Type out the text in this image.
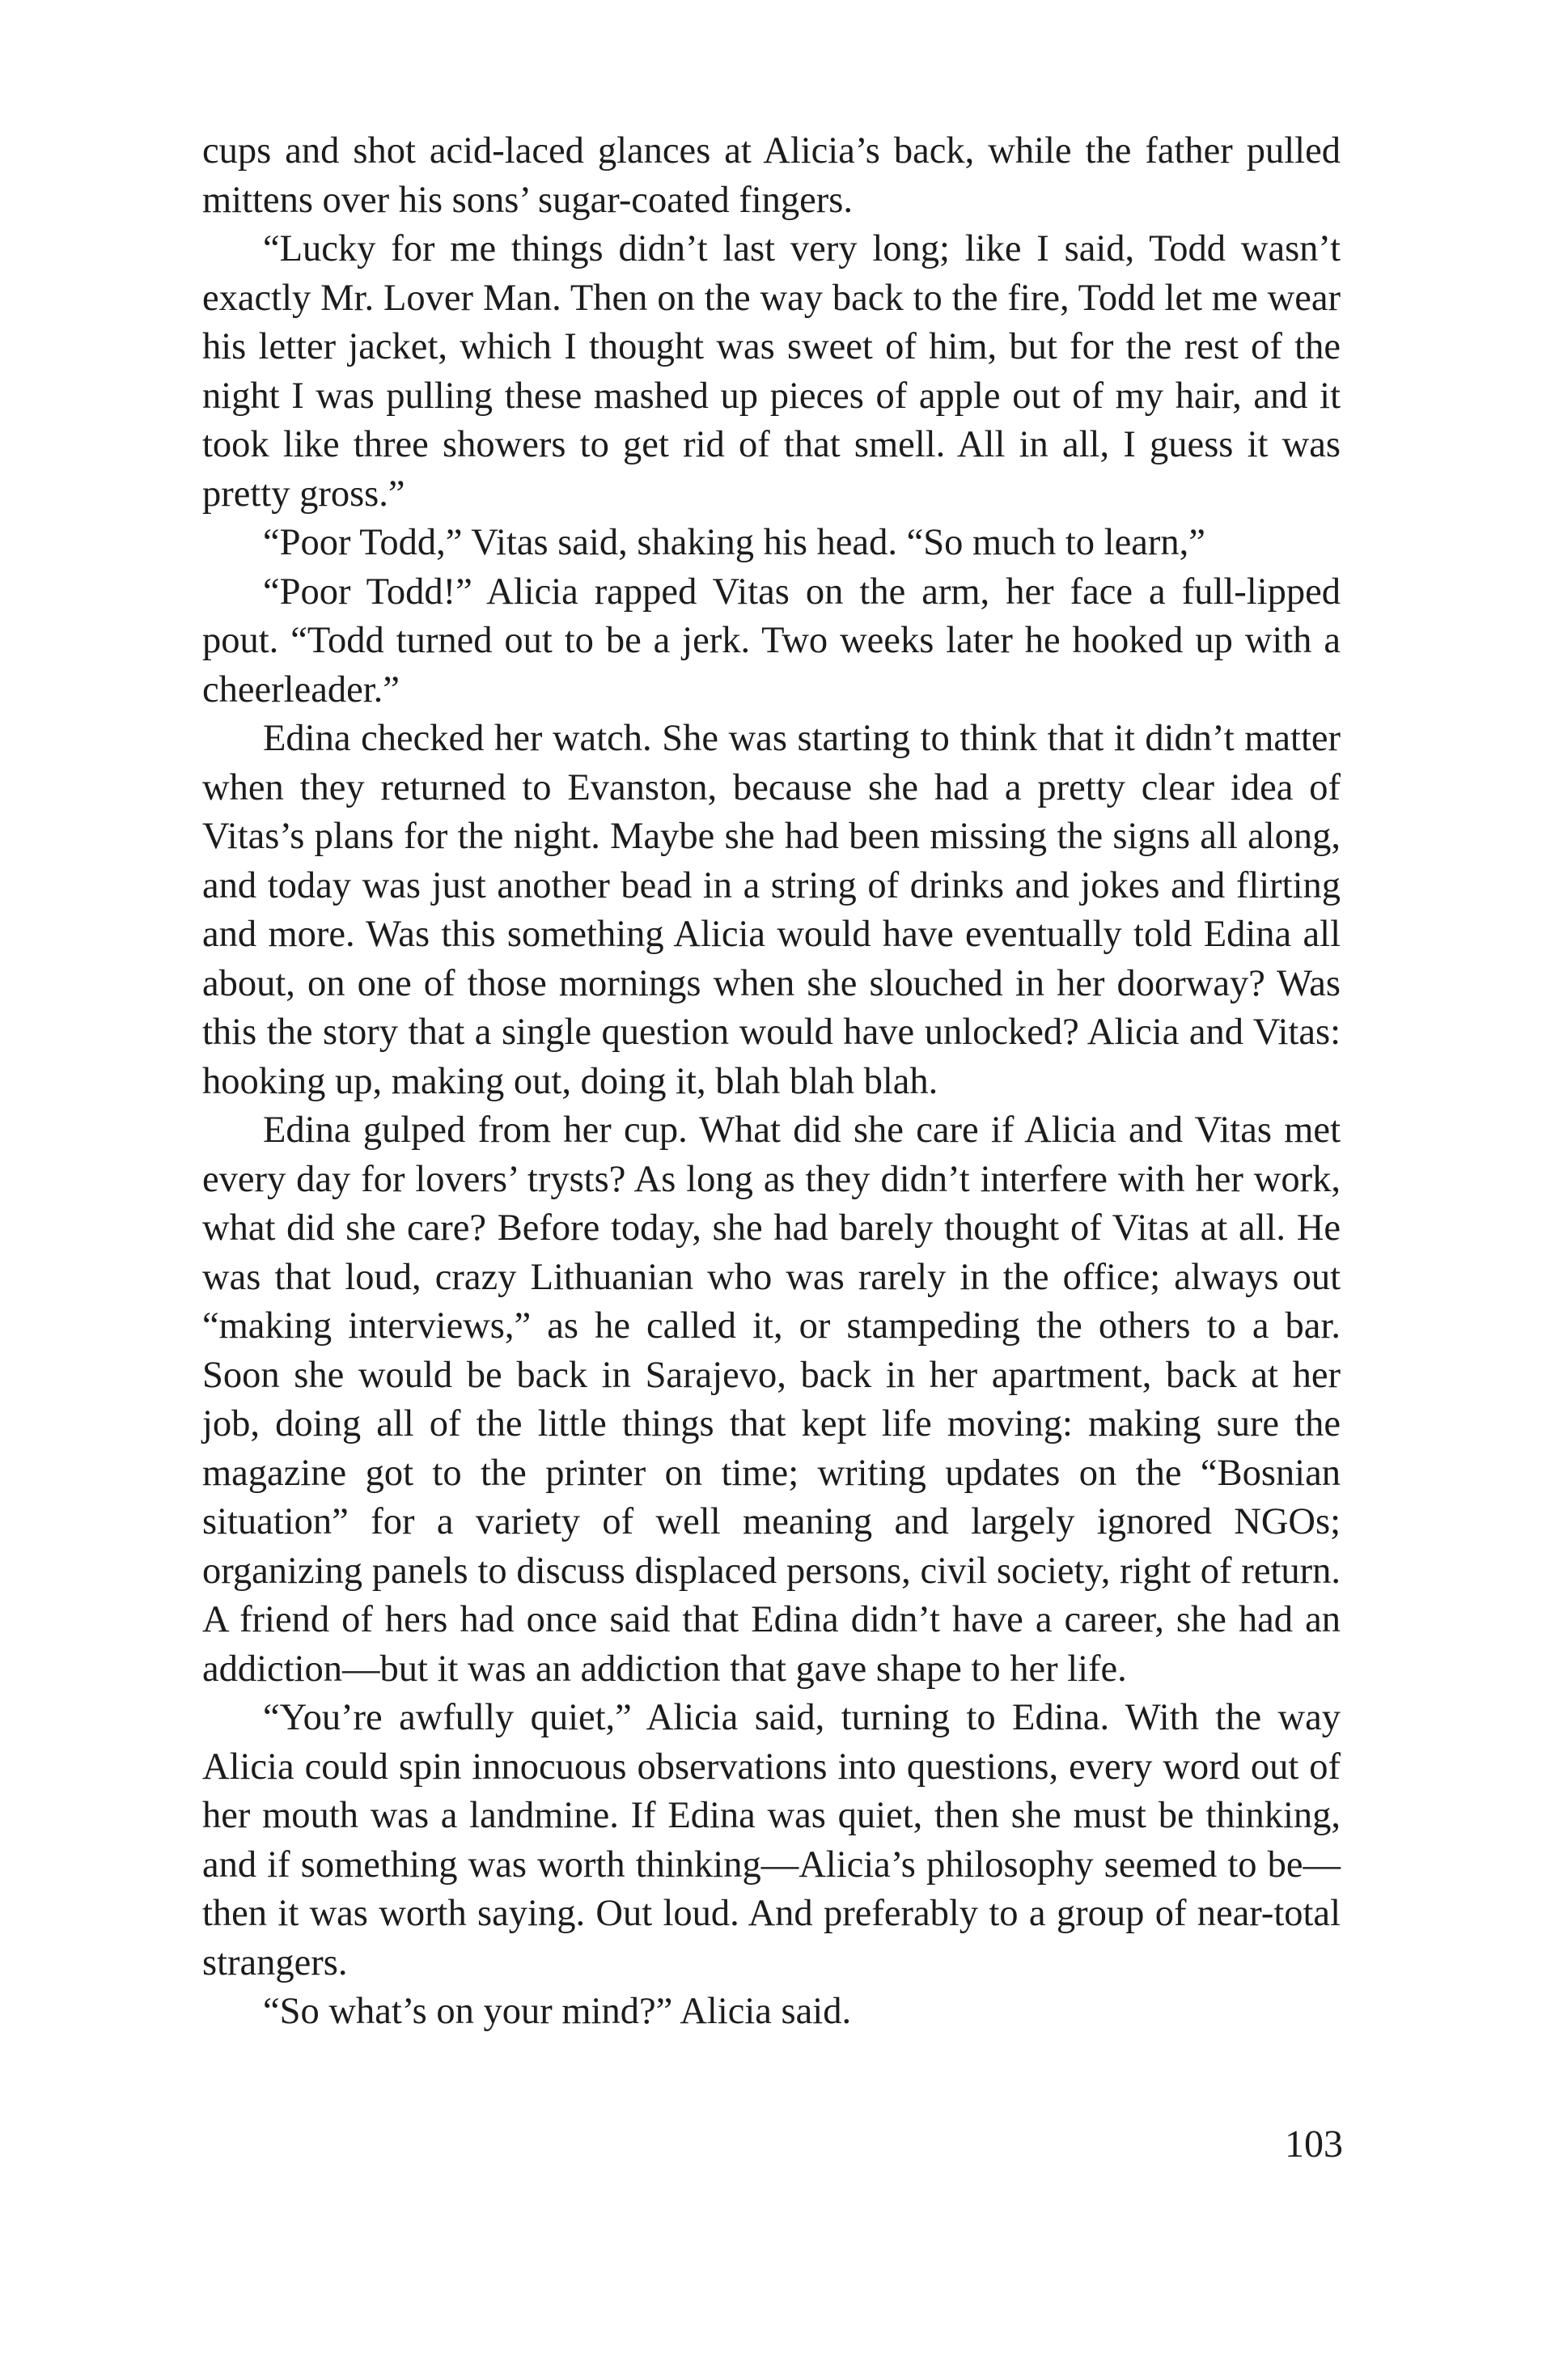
cups and shot acid-laced glances at Alicia’s back, while the father pulled mittens over his sons’ sugar-coated fingers.

“Lucky for me things didn’t last very long; like I said, Todd wasn’t exactly Mr. Lover Man. Then on the way back to the fire, Todd let me wear his letter jacket, which I thought was sweet of him, but for the rest of the night I was pulling these mashed up pieces of apple out of my hair, and it took like three showers to get rid of that smell. All in all, I guess it was pretty gross.”

“Poor Todd,” Vitas said, shaking his head. “So much to learn,”

“Poor Todd!” Alicia rapped Vitas on the arm, her face a full-lipped pout. “Todd turned out to be a jerk. Two weeks later he hooked up with a cheerleader.”

Edina checked her watch. She was starting to think that it didn’t matter when they returned to Evanston, because she had a pretty clear idea of Vitas’s plans for the night. Maybe she had been missing the signs all along, and today was just another bead in a string of drinks and jokes and flirting and more. Was this something Alicia would have eventually told Edina all about, on one of those mornings when she slouched in her doorway? Was this the story that a single question would have unlocked? Alicia and Vitas: hooking up, making out, doing it, blah blah blah.

Edina gulped from her cup. What did she care if Alicia and Vitas met every day for lovers’ trysts? As long as they didn’t interfere with her work, what did she care? Before today, she had barely thought of Vitas at all. He was that loud, crazy Lithuanian who was rarely in the office; always out “making interviews,” as he called it, or stampeding the others to a bar. Soon she would be back in Sarajevo, back in her apartment, back at her job, doing all of the little things that kept life moving: making sure the magazine got to the printer on time; writing updates on the “Bosnian situation” for a variety of well meaning and largely ignored NGOs; organizing panels to discuss displaced persons, civil society, right of return. A friend of hers had once said that Edina didn’t have a career, she had an addiction—but it was an addiction that gave shape to her life.

“You’re awfully quiet,” Alicia said, turning to Edina. With the way Alicia could spin innocuous observations into questions, every word out of her mouth was a landmine. If Edina was quiet, then she must be thinking, and if something was worth thinking—Alicia’s philosophy seemed to be—then it was worth saying. Out loud. And preferably to a group of near-total strangers.

“So what’s on your mind?” Alicia said.

103
